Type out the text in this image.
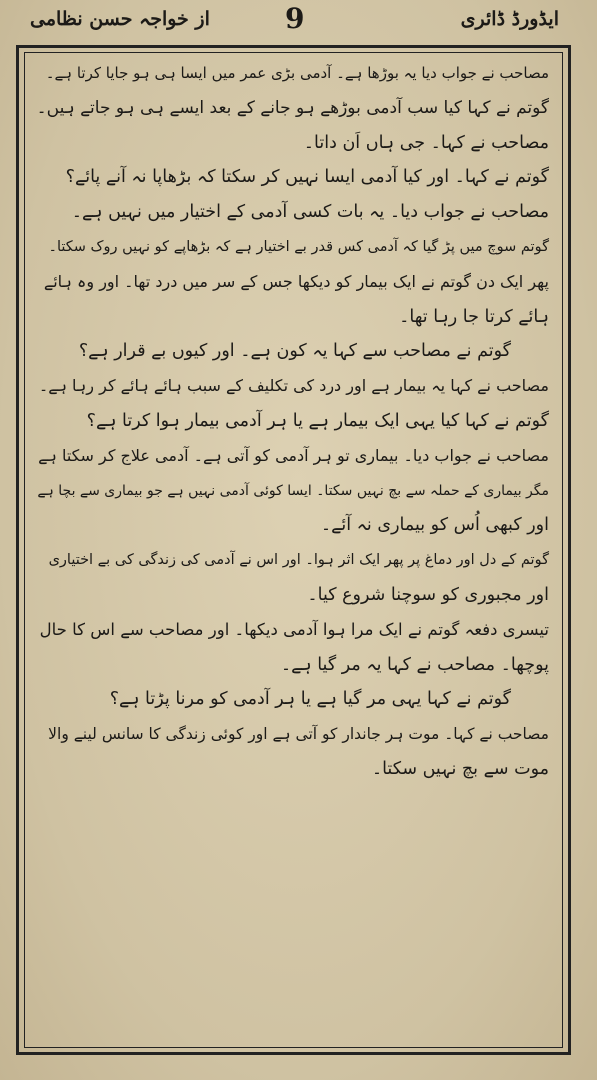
از خواجہ حسن نظامی	9	ایڈورڈ ڈائری
مصاحب نے جواب دیا یہ بوڑھا ہے۔ آدمی بڑی عمر میں ایسا ہی ہو جایا کرتا ہے۔
گوتم نے کہا کیا سب آدمی بوڑھے ہو جانے کے بعد ایسے ہی ہو جاتے ہیں۔
مصاحب نے کہا۔ جی ہاں اَن داتا۔
گوتم نے کہا۔ اور کیا آدمی ایسا نہیں کر سکتا کہ بڑھاپا نہ آنے پائے؟
مصاحب نے جواب دیا۔ یہ بات کسی آدمی کے اختیار میں نہیں ہے۔
گوتم سوچ میں پڑ گیا کہ آدمی کس قدر بے اختیار ہے کہ بڑھاپے کو نہیں روک سکتا۔
پھر ایک دن گوتم نے ایک بیمار کو دیکھا جس کے سر میں درد تھا۔ اور وہ ہائے
ہائے کرتا جا رہا تھا۔
گوتم نے مصاحب سے کہا یہ کون ہے۔ اور کیوں بے قرار ہے؟
مصاحب نے کہا یہ بیمار ہے اور درد کی تکلیف کے سبب ہائے ہائے کر رہا ہے۔
گوتم نے کہا کیا یہی ایک بیمار ہے یا ہر آدمی بیمار ہوا کرتا ہے؟
مصاحب نے جواب دیا۔ بیماری تو ہر آدمی کو آتی ہے۔ آدمی علاج کر سکتا ہے
مگر بیماری کے حملہ سے بچ نہیں سکتا۔ ایسا کوئی آدمی نہیں ہے جو بیماری سے بچا ہے
اور کبھی اُس کو بیماری نہ آئے۔
گوتم کے دل اور دماغ پر پھر ایک اثر ہوا۔ اور اس نے آدمی کی زندگی کی بے اختیاری
اور مجبوری کو سوچنا شروع کیا۔
تیسری دفعہ گوتم نے ایک مرا ہوا آدمی دیکھا۔ اور مصاحب سے اس کا حال
پوچھا۔ مصاحب نے کہا یہ مر گیا ہے۔
گوتم نے کہا یہی مر گیا ہے یا ہر آدمی کو مرنا پڑتا ہے؟
مصاحب نے کہا۔ موت ہر جاندار کو آتی ہے اور کوئی زندگی کا سانس لینے والا
موت سے بچ نہیں سکتا۔
